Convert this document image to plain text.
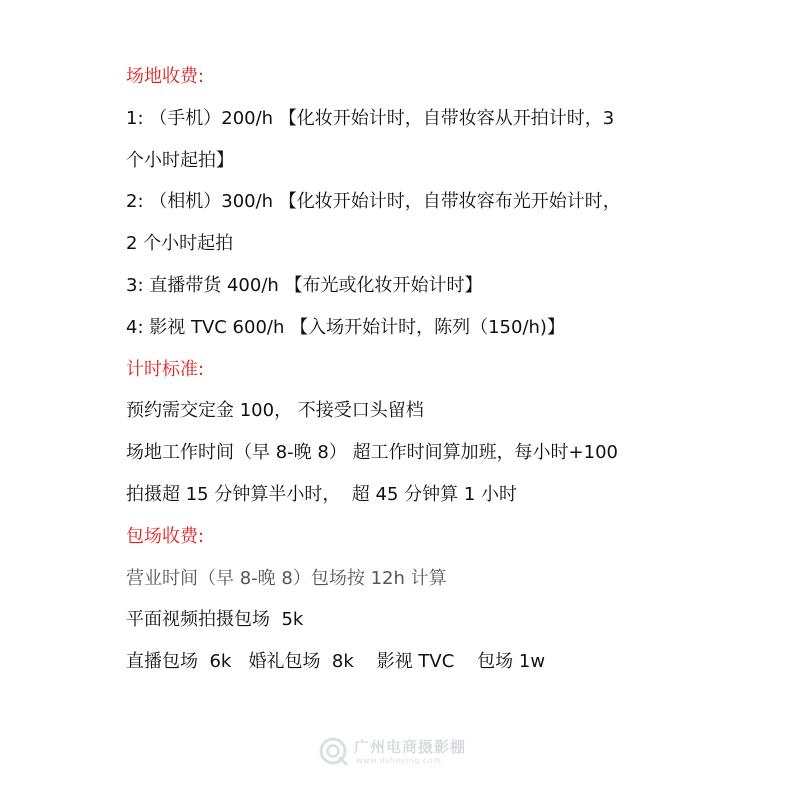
场地收费:

1: （手机）200/h 【化妆开始计时，自带妆容从开拍计时，3

个小时起拍】

2: （相机）300/h 【化妆开始计时，自带妆容布光开始计时，

2 个小时起拍

3: 直播带货 400/h 【布光或化妆开始计时】

4: 影视 TVC 600/h 【入场开始计时，陈列（150/h)】

计时标准:

预约需交定金 100， 不接受口头留档

场地工作时间（早 8-晚 8） 超工作时间算加班，每小时+100

拍摄超 15 分钟算半小时，  超 45 分钟算 1 小时

包场收费:

营业时间（早 8-晚 8）包场按 12h 计算

平面视频拍摄包场  5k

直播包场  6k   婚礼包场  8k    影视 TVC    包场 1w

广州电商摄影棚
www.dsheying.com
